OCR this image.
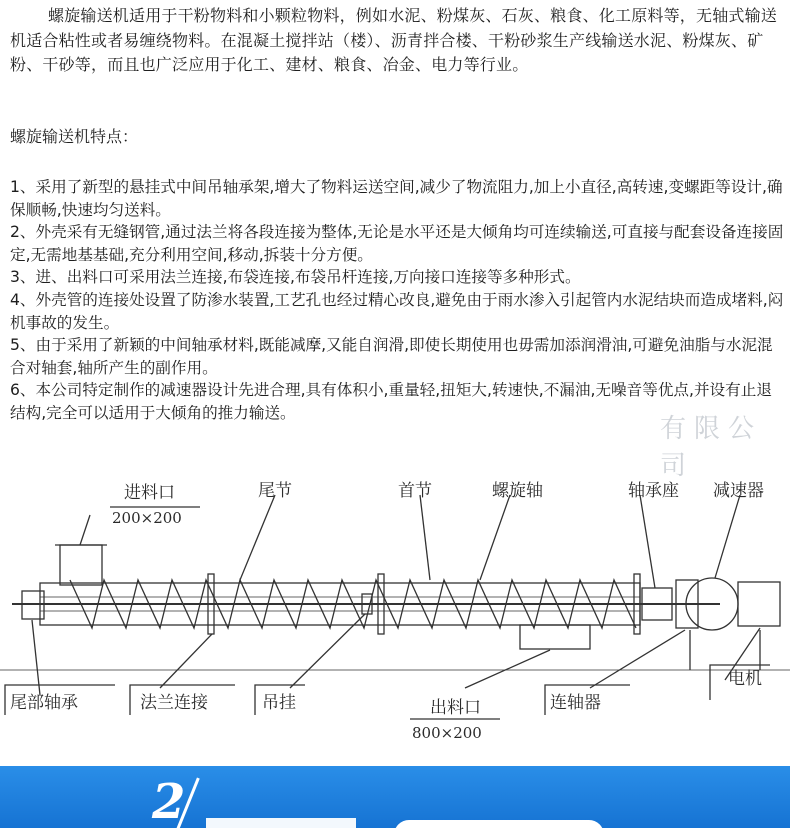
螺旋输送机适用于干粉物料和小颗粒物料，例如水泥、粉煤灰、石灰、粮食、化工原料等，无轴式输送机适合粘性或者易缠绕物料。在混凝土搅拌站（楼）、沥青拌合楼、干粉砂浆生产线输送水泥、粉煤灰、矿粉、干砂等，而且也广泛应用于化工、建材、粮食、冶金、电力等行业。

螺旋输送机特点：

1、采用了新型的悬挂式中间吊轴承架,增大了物料运送空间,减少了物流阻力,加上小直径,高转速,变螺距等设计,确保顺畅,快速均匀送料。
2、外壳采有无缝钢管,通过法兰将各段连接为整体,无论是水平还是大倾角均可连续输送,可直接与配套设备连接固定,无需地基基础,充分利用空间,移动,拆装十分方便。
3、进、出料口可采用法兰连接,布袋连接,布袋吊杆连接,万向接口连接等多种形式。
4、外壳管的连接处设置了防渗水装置,工艺孔也经过精心改良,避免由于雨水渗入引起管内水泥结块而造成堵料,闷机事故的发生。
5、由于采用了新颖的中间轴承材料,既能减摩,又能自润滑,即使长期使用也毋需加添润滑油,可避免油脂与水泥混合对轴套,轴所产生的副作用。
6、本公司特定制作的减速器设计先进合理,具有体积小,重量轻,扭矩大,转速快,不漏油,无噪音等优点,并设有止退结构,完全可以适用于大倾角的推力输送。
有限公司
进料口
200×200
尾节	首节	螺旋轴	轴承座 减速器
电机
尾部轴承	法兰连接	吊挂	出料口
800×200
连轴器
2
